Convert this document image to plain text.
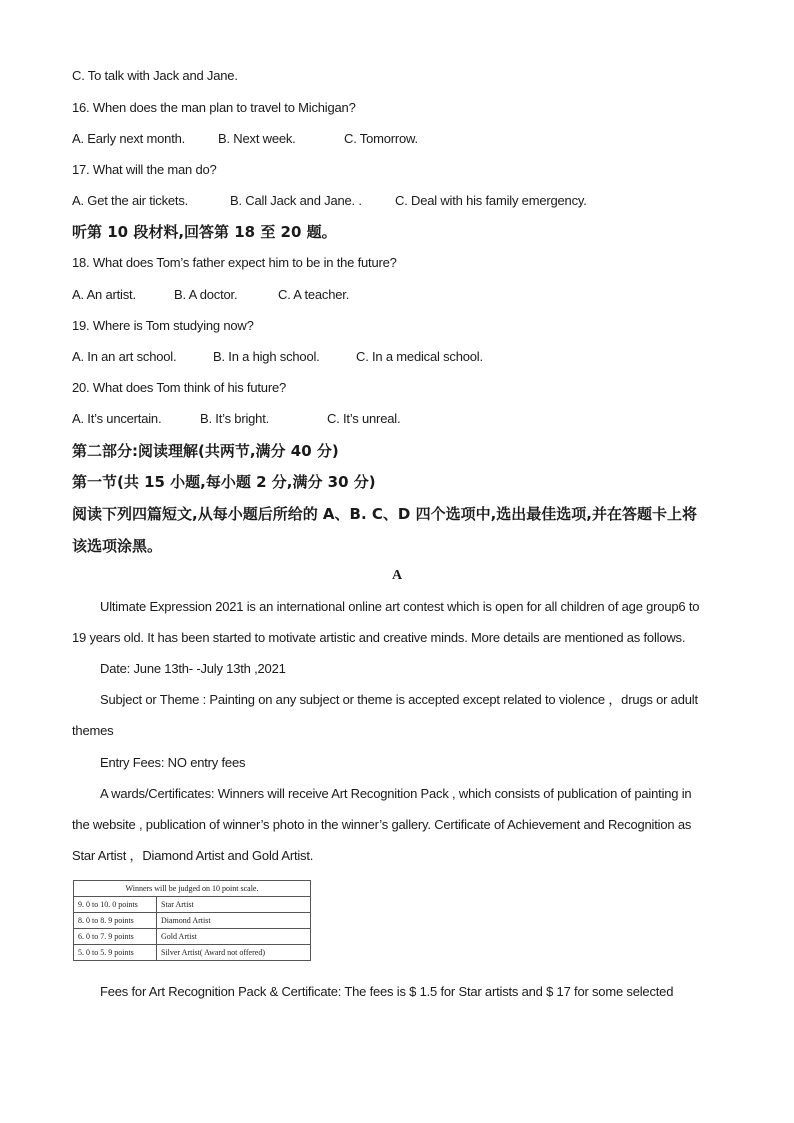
C. To talk with Jack and Jane.
16. When does the man plan to travel to Michigan?
A. Early next month.	B. Next week.	C. Tomorrow.
17. What will the man do?
A. Get the air tickets.	B. Call Jack and Jane. .	C. Deal with his family emergency.
听第 10 段材料,回答第 18 至 20 题。
18. What does Tom’s father expect him to be in the future?
A. An artist.	B. A doctor.	C. A teacher.
19. Where is Tom studying now?
A. In an art school.	B. In a high school.	C. In a medical school.
20. What does Tom think of his future?
A. It’s uncertain.	B. It’s bright.	C. It’s unreal.
第二部分:阅读理解(共两节,满分 40 分)
第一节(共 15 小题,每小题 2 分,满分 30 分)
阅读下列四篇短文,从每小题后所给的 A、B. C、D 四个选项中,选出最佳选项,并在答题卡上将
该选项涂黑。
A
Ultimate Expression 2021 is an international online art contest which is open for all children of age group6 to
19 years old. It has been started to motivate artistic and creative minds. More details are mentioned as follows.
Date: June 13th- -July 13th ,2021
Subject or Theme : Painting on any subject or theme is accepted except related to violence ，drugs or adult
themes
Entry Fees: NO entry fees
A wards/Certificates: Winners will receive Art Recognition Pack , which consists of publication of painting in
the website , publication of winner’s photo in the winner’s gallery. Certificate of Achievement and Recognition as
Star Artist ，Diamond Artist and Gold Artist.
Winners will be judged on 10 point scale.	
9. 0 to 10. 0 points	Star Artist
8. 0 to 8. 9 points	Diamond Artist
6. 0 to 7. 9 points	Gold Artist
5. 0 to 5. 9 points	Silver Artist( Award not offered)
Fees for Art Recognition Pack & Certificate: The fees is $ 1.5 for Star artists and $ 17 for some selected
